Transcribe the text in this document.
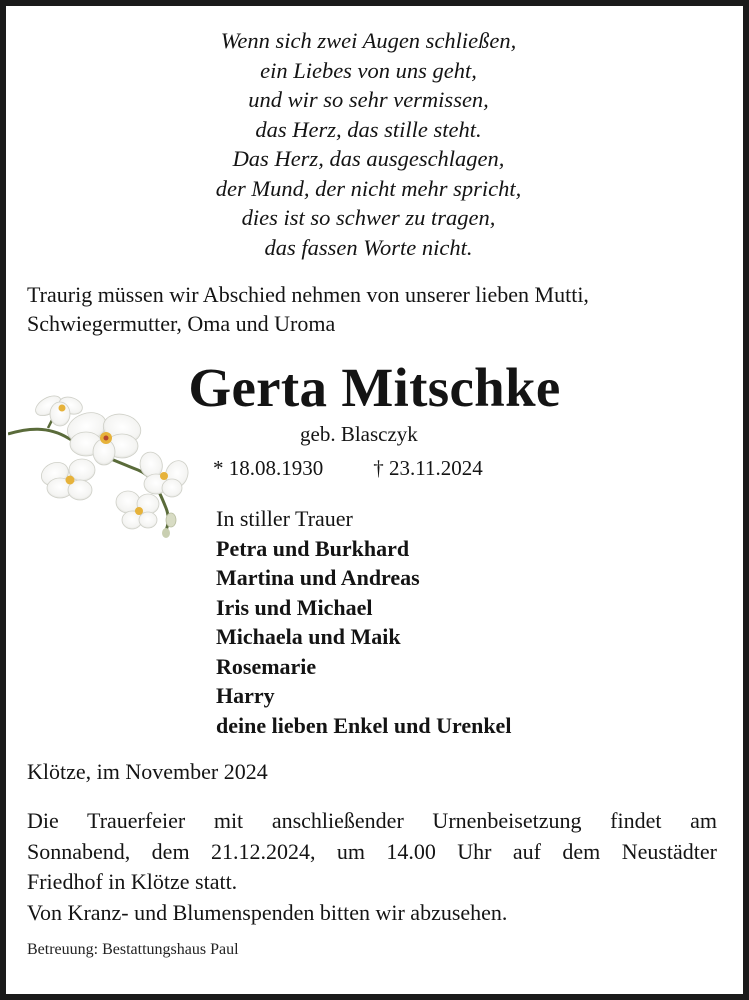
Wenn sich zwei Augen schließen,
ein Liebes von uns geht,
und wir so sehr vermissen,
das Herz, das stille steht.
Das Herz, das ausgeschlagen,
der Mund, der nicht mehr spricht,
dies ist so schwer zu tragen,
das fassen Worte nicht.
Traurig müssen wir Abschied nehmen von unserer lieben Mutti,
Schwiegermutter, Oma und Uroma
Gerta Mitschke
geb. Blasczyk
* 18.08.1930 † 23.11.2024
In stiller Trauer
Petra und Burkhard
Martina und Andreas
Iris und Michael
Michaela und Maik
Rosemarie
Harry
deine lieben Enkel und Urenkel
Klötze, im November 2024
Die Trauerfeier mit anschließender Urnenbeisetzung findet am
Sonnabend, dem 21.12.2024, um 14.00 Uhr auf dem Neustädter
Friedhof in Klötze statt.
Von Kranz- und Blumenspenden bitten wir abzusehen.
Betreuung: Bestattungshaus Paul
